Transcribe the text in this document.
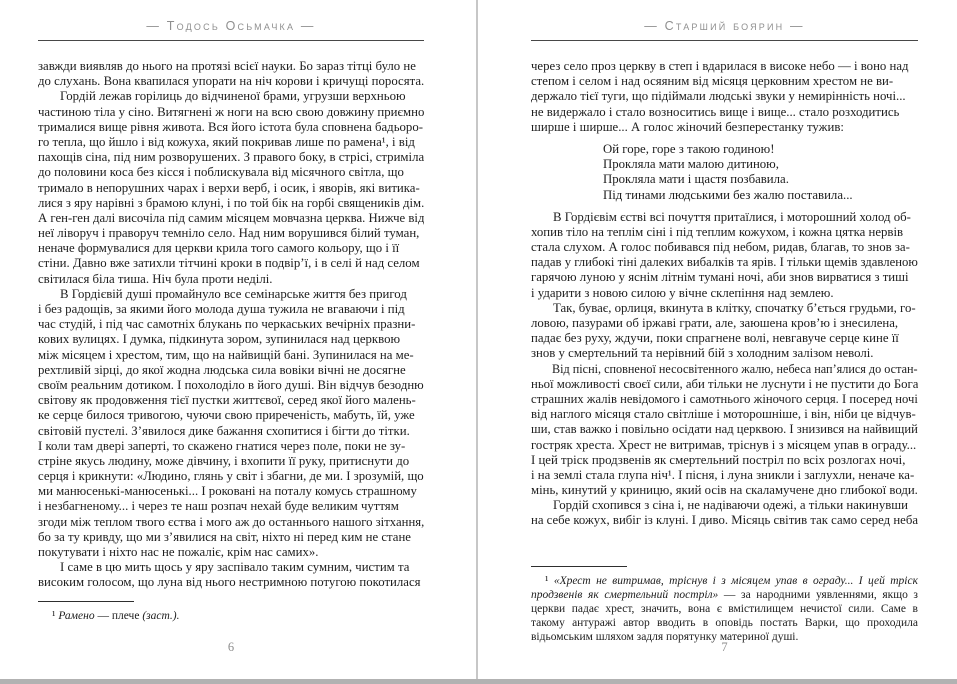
— Тодось Осьмачка —
завжди виявляв до нього на протязі всієї науки. Бо зараз тітці було не
до слухань. Вона квапилася упорати на ніч корови і кричущі поросята.
Гордій лежав горілиць до відчиненої брами, угрузши верхньою
частиною тіла у сіно. Витягнені ж ноги на всю свою довжину приємно
трималися вище рівня живота. Вся його істота була сповнена бадьоро-
го тепла, що йшло і від кожуха, який покривав лише по рамена¹, і від
пахощів сіна, під ним розворушених. З правого боку, в стрісі, стриміла
до половини коса без кісся і поблискувала від місячного світла, що
тримало в непорушних чарах і верхи верб, і осик, і яворів, які витика-
лися з яру нарівні з брамою клуні, і по той бік на горбі священиків дім.
А ген-ген далі височіла під самим місяцем мовчазна церква. Нижче від
неї ліворуч і праворуч темніло село. Над ним ворушився білий туман,
неначе формувалися для церкви крила того самого кольору, що і її
стіни. Давно вже затихли тітчині кроки в подвір’ї, і в селі й над селом
світилася біла тиша. Ніч була проти неділі.
В Гордієвій душі промайнуло все семінарське життя без пригод
і без радощів, за якими його молода душа тужила не вгаваючи і під
час студій, і під час самотніх блукань по черкаських вечірніх празни-
кових вулицях. І думка, підкинута зором, зупинилася над церквою
між місяцем і хрестом, тим, що на найвищій бані. Зупинилася на ме-
рехтливій зірці, до якої жодна людська сила вовіки вічні не досягне
своїм реальним дотиком. І похолоділо в його душі. Він відчув безодню
світову як продовження тієї пустки життєвої, серед якої його малень-
ке серце билося тривогою, чуючи свою приреченість, мабуть, їй, уже
світовій пустелі. З’явилося дике бажання схопитися і бігти до тітки.
І коли там двері заперті, то скажено гнатися через поле, поки не зу-
стріне якусь людину, може дівчину, і вхопити її руку, притиснути до
серця і крикнути: «Людино, глянь у світ і збагни, де ми. І зрозумій, що
ми манюсенькі-манюсенькі... І роковані на поталу комусь страшному
і незбагненому... і через те наш розпач нехай буде великим чуттям
згоди між теплом твого єства і мого аж до останнього нашого зітхання,
бо за ту кривду, що ми з’явилися на світ, ніхто ні перед ким не стане
покутувати і ніхто нас не пожаліє, крім нас самих».
І саме в цю мить щось у яру заспівало таким сумним, чистим та
високим голосом, що луна від нього нестримною потугою покотилася
¹ Рамено — плече (заст.).
6
— Старший боярин —
через село проз церкву в степ і вдарилася в високе небо — і воно над
степом і селом і над осяяним від місяця церковним хрестом не ви-
держало тієї туги, що підіймали людські звуки у немирінність ночі...
не видержало і стало возноситись вище і вище... стало розходитись
ширше і ширше... А голос жіночий безперестанку тужив:
Ой горе, горе з такою годиною!
Прокляла мати малою дитиною,
Прокляла мати і щастя позбавила.
Під тинами людськими без жалю поставила...
В Гордієвім єстві всі почуття притаїлися, і моторошний холод об-
хопив тіло на теплім сіні і під теплим кожухом, і кожна цятка нервів
стала слухом. А голос побивався під небом, ридав, благав, то знов за-
падав у глибокі тіні далеких вибалків та ярів. І тільки щемів здавленою
гарячою луною у яснім літнім тумані ночі, аби знов вирватися з тиші
і ударити з новою силою у вічне склепіння над землею.
Так, буває, орлиця, вкинута в клітку, спочатку б’ється грудьми, го-
ловою, пазурами об іржаві грати, але, заюшена кров’ю і знесилена,
падає без руху, ждучи, поки спрагнене волі, невгавуче серце кине її
знов у смертельний та нерівний бій з холодним залізом неволі.
Від пісні, сповненої несосвітенного жалю, небеса нап’ялися до остан-
ньої можливості своєї сили, аби тільки не луснути і не пустити до Бога
страшних жалів невідомого і самотнього жіночого серця. І посеред ночі
від наглого місяця стало світліше і моторошніше, і він, ніби це відчув-
ши, став важко і повільно осідати над церквою. І знизився на найвищий
гостряк хреста. Хрест не витримав, тріснув і з місяцем упав в ограду...
І цей тріск продзвенів як смертельний постріл по всіх розлогах ночі,
і на землі стала глупа ніч¹. І пісня, і луна зникли і заглухли, неначе ка-
мінь, кинутий у криницю, який осів на скаламучене дно глибокої води.
Гордій схопився з сіна і, не надіваючи одежі, а тільки накинувши
на себе кожух, вибіг із клуні. І диво. Місяць світив так само серед неба
¹ «Хрест не витримав, тріснув і з місяцем упав в ограду... І цей тріск продзвенів як смертельний постріл» — за народними уявленнями, якщо з церкви падає хрест, значить, вона є вмістилищем нечистої сили. Саме в такому антуражі автор вводить в оповідь постать Варки, що проходила відьомським шляхом задля порятунку материної душі.
7
